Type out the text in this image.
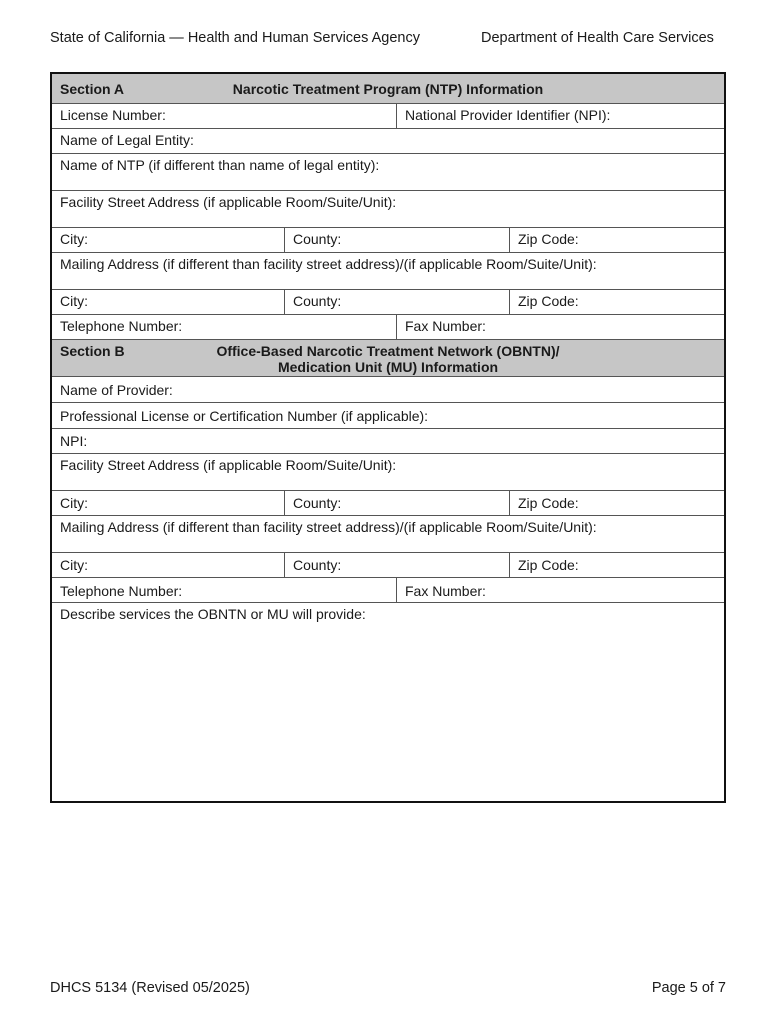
State of California — Health and Human Services Agency	Department of Health Care Services
Section A	Narcotic Treatment Program (NTP) Information
License Number:	National Provider Identifier (NPI):
Name of Legal Entity:
Name of NTP (if different than name of legal entity):
Facility Street Address (if applicable Room/Suite/Unit):
City:	County:	Zip Code:
Mailing Address (if different than facility street address)/(if applicable Room/Suite/Unit):
City:	County:	Zip Code:
Telephone Number:	Fax Number:
Section B	Office-Based Narcotic Treatment Network (OBNTN)/
Medication Unit (MU) Information
Name of Provider:
Professional License or Certification Number (if applicable):
NPI:
Facility Street Address (if applicable Room/Suite/Unit):
City:	County:	Zip Code:
Mailing Address (if different than facility street address)/(if applicable Room/Suite/Unit):
City:	County:	Zip Code:
Telephone Number:	Fax Number:
Describe services the OBNTN or MU will provide:
DHCS 5134 (Revised 05/2025)	Page 5 of 7
